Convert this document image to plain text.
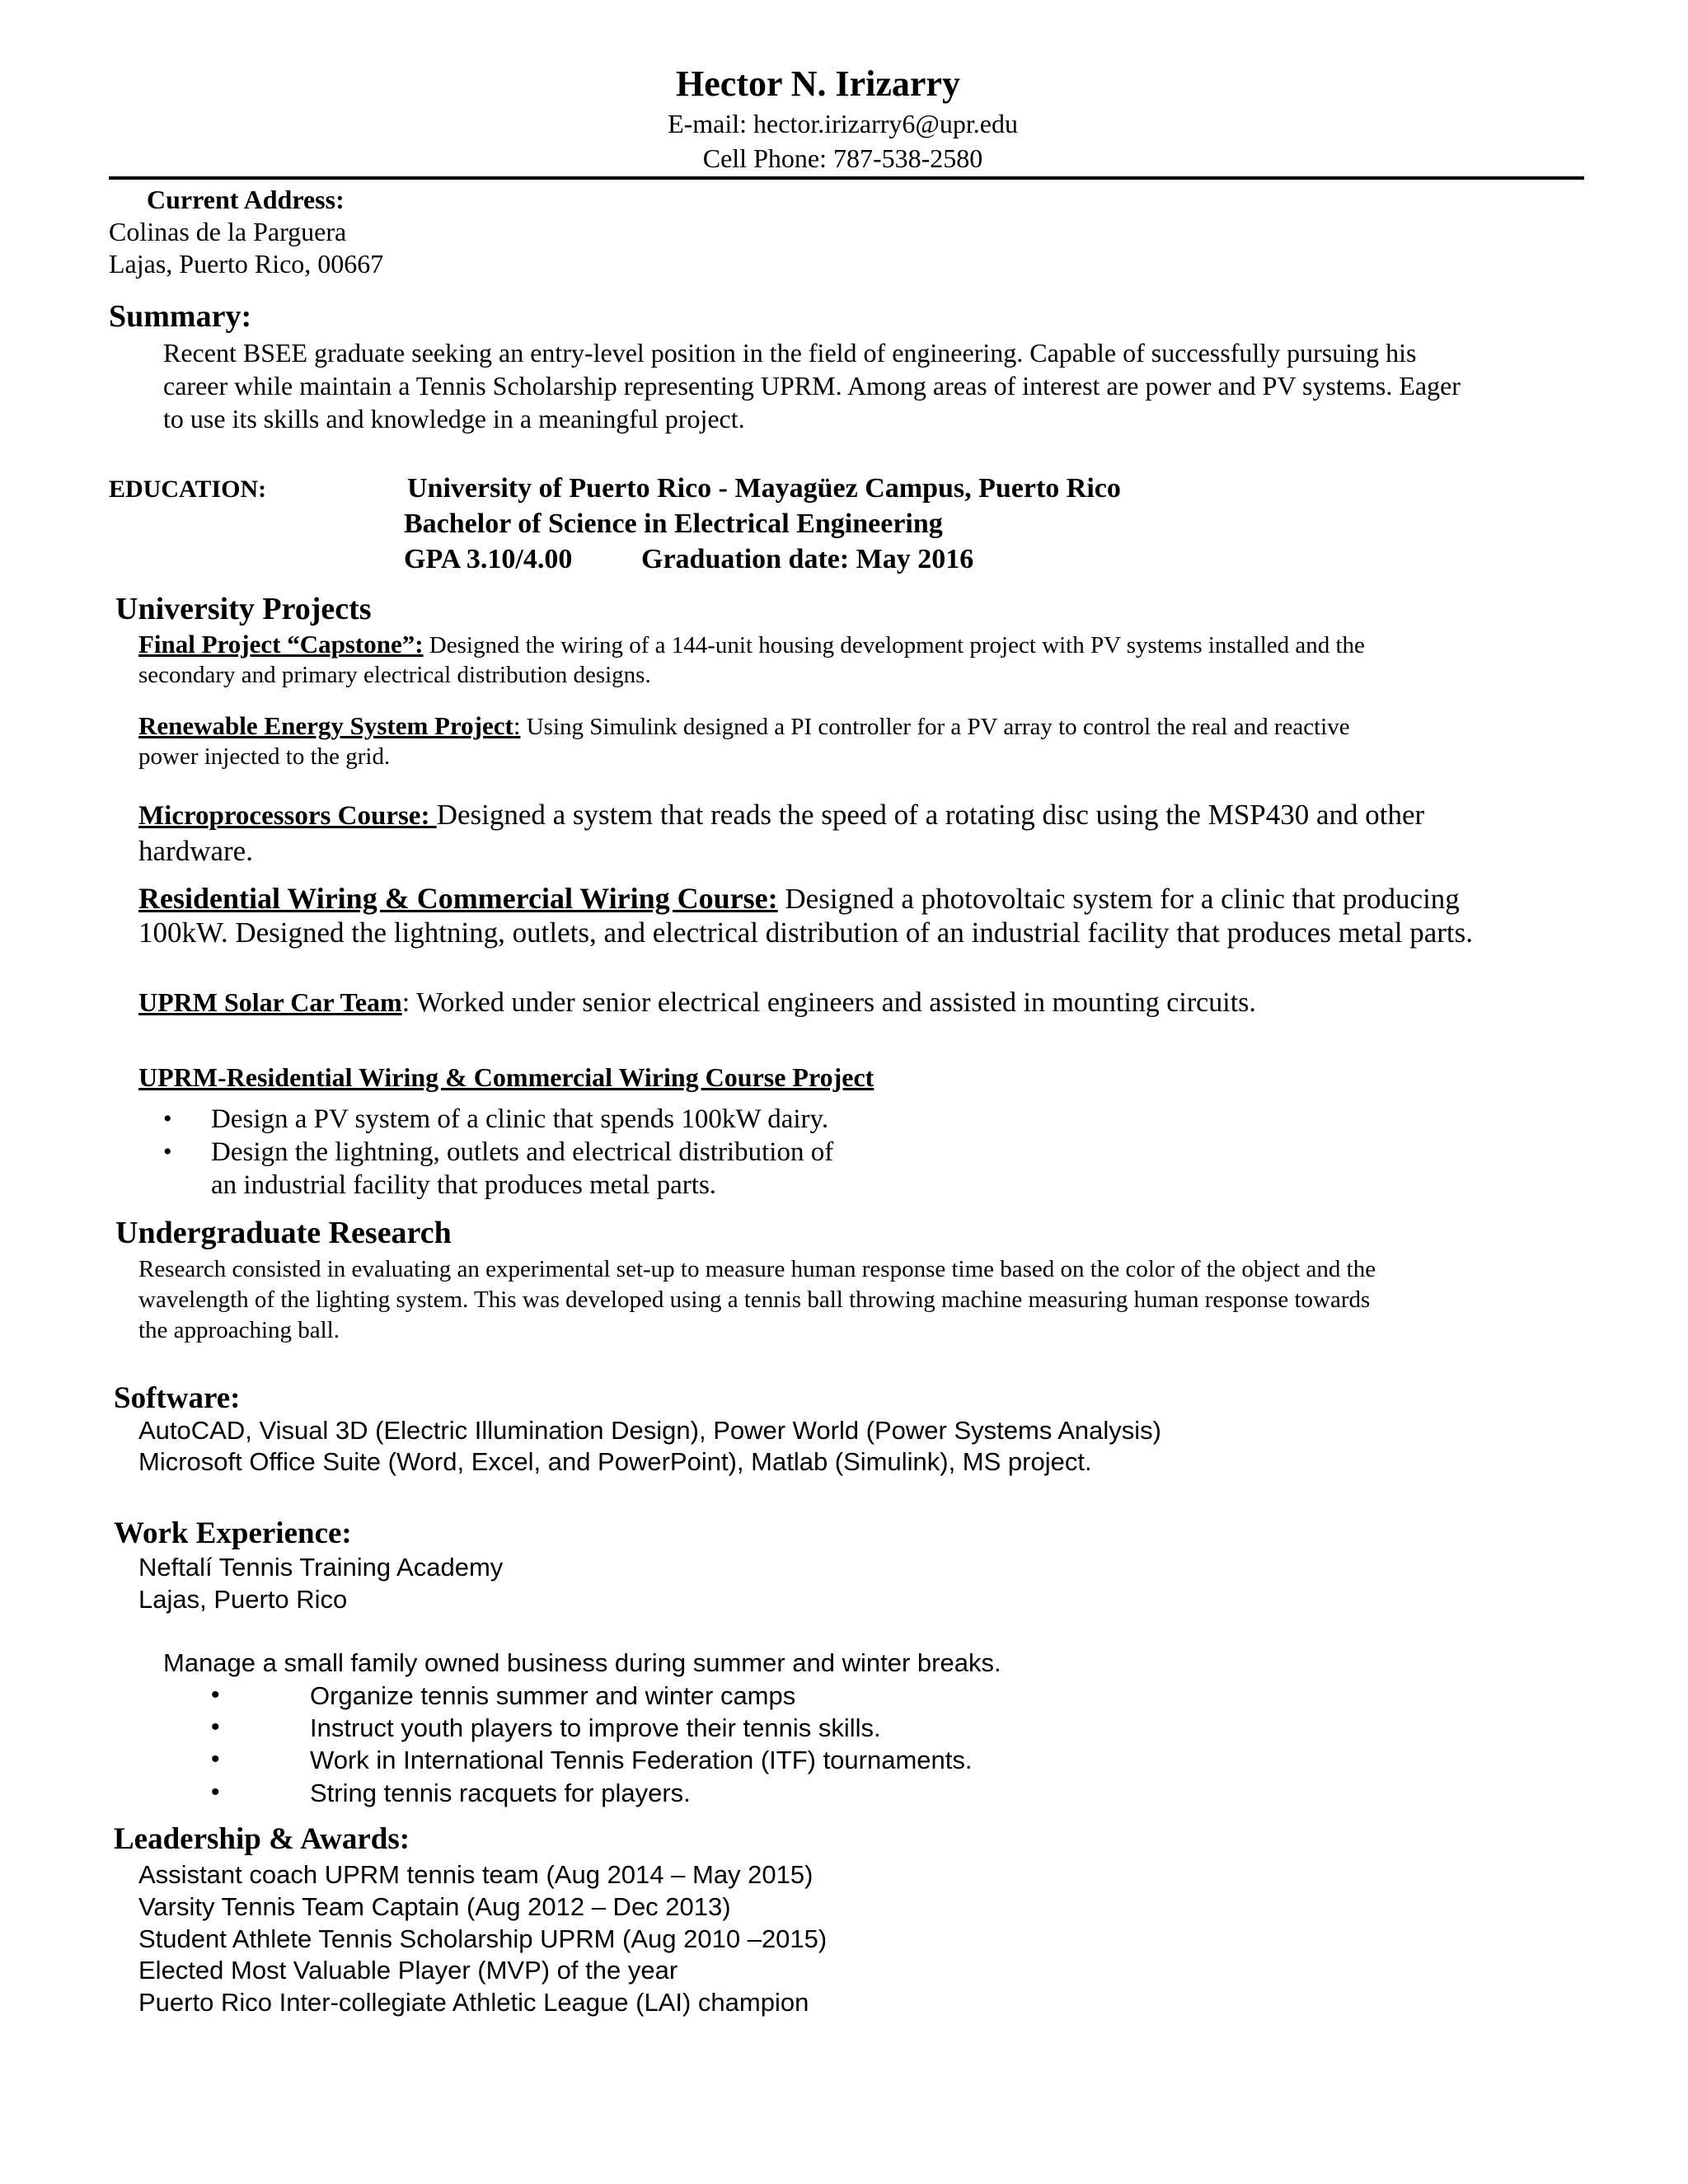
Hector N. Irizarry
E-mail: hector.irizarry6@upr.edu
Cell Phone: 787-538-2580
Current Address:
Colinas de la Parguera
Lajas, Puerto Rico, 00667
Summary:
Recent BSEE graduate seeking an entry-level position in the field of engineering. Capable of successfully pursuing his
career while maintain a Tennis Scholarship representing UPRM. Among areas of interest are power and PV systems. Eager
to use its skills and knowledge in a meaningful project.
EDUCATION:	University of Puerto Rico - Mayagüez Campus, Puerto Rico
Bachelor of Science in Electrical Engineering
GPA 3.10/4.00 Graduation date: May 2016
University Projects
Final Project “Capstone”: Designed the wiring of a 144-unit housing development project with PV systems installed and the
secondary and primary electrical distribution designs.
Renewable Energy System Project: Using Simulink designed a PI controller for a PV array to control the real and reactive
power injected to the grid.
Microprocessors Course: Designed a system that reads the speed of a rotating disc using the MSP430 and other
hardware.
Residential Wiring & Commercial Wiring Course: Designed a photovoltaic system for a clinic that producing
100kW. Designed the lightning, outlets, and electrical distribution of an industrial facility that produces metal parts.
UPRM Solar Car Team: Worked under senior electrical engineers and assisted in mounting circuits.
UPRM-Residential Wiring & Commercial Wiring Course Project
• Design a PV system of a clinic that spends 100kW dairy.
• Design the lightning, outlets and electrical distribution of
an industrial facility that produces metal parts.
Undergraduate Research
Research consisted in evaluating an experimental set-up to measure human response time based on the color of the object and the
wavelength of the lighting system. This was developed using a tennis ball throwing machine measuring human response towards
the approaching ball.
Software:
AutoCAD, Visual 3D (Electric Illumination Design), Power World (Power Systems Analysis)
Microsoft Office Suite (Word, Excel, and PowerPoint), Matlab (Simulink), MS project.
Work Experience:
Neftalí Tennis Training Academy
Lajas, Puerto Rico
Manage a small family owned business during summer and winter breaks.
•	Organize tennis summer and winter camps
•	Instruct youth players to improve their tennis skills.
•	Work in International Tennis Federation (ITF) tournaments.
•	String tennis racquets for players.
Leadership & Awards:
Assistant coach UPRM tennis team (Aug 2014 – May 2015)
Varsity Tennis Team Captain (Aug 2012 – Dec 2013)
Student Athlete Tennis Scholarship UPRM (Aug 2010 –2015)
Elected Most Valuable Player (MVP) of the year
Puerto Rico Inter-collegiate Athletic League (LAI) champion
